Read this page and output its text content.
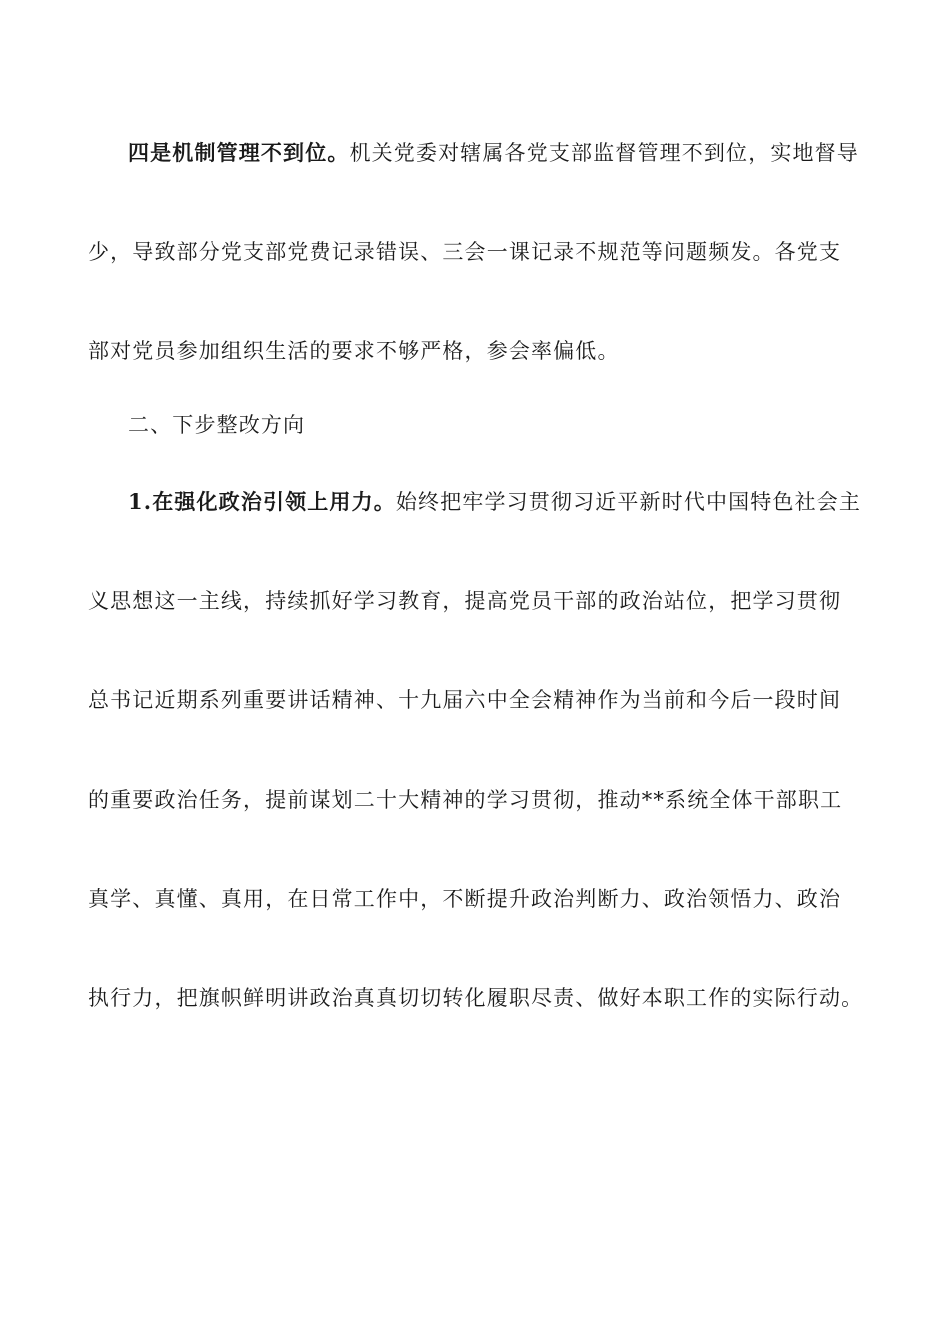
四是机制管理不到位。机关党委对辖属各党支部监督管理不到位，实地督导
少，导致部分党支部党费记录错误、三会一课记录不规范等问题频发。各党支
部对党员参加组织生活的要求不够严格，参会率偏低。
二、下步整改方向
1.在强化政治引领上用力。始终把牢学习贯彻习近平新时代中国特色社会主
义思想这一主线，持续抓好学习教育，提高党员干部的政治站位，把学习贯彻
总书记近期系列重要讲话精神、十九届六中全会精神作为当前和今后一段时间
的重要政治任务，提前谋划二十大精神的学习贯彻，推动**系统全体干部职工
真学、真懂、真用，在日常工作中，不断提升政治判断力、政治领悟力、政治
执行力，把旗帜鲜明讲政治真真切切转化履职尽责、做好本职工作的实际行动。
